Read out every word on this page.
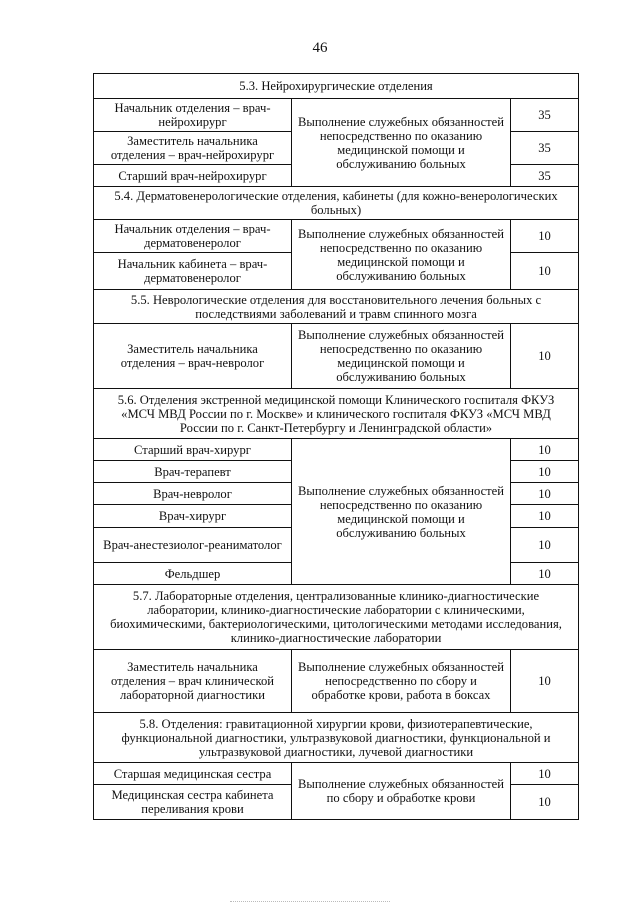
46
5.3. Нейрохирургические отделения		
Начальник отделения – врач-нейрохирург	Выполнение служебных обязанностей непосредственно по оказанию медицинской помощи и обслуживанию больных	35
Заместитель начальника отделения – врач-нейрохирург		35
Старший врач-нейрохирург		35
5.4. Дерматовенерологические отделения, кабинеты (для кожно-венерологических больных)		
Начальник отделения – врач-дерматовенеролог	Выполнение служебных обязанностей непосредственно по оказанию медицинской помощи и обслуживанию больных	10
Начальник кабинета – врач-дерматовенеролог		10
5.5. Неврологические отделения для восстановительного лечения больных с последствиями заболеваний и травм спинного мозга		
Заместитель начальника отделения – врач-невролог	Выполнение служебных обязанностей непосредственно по оказанию медицинской помощи и обслуживанию больных	10
5.6. Отделения экстренной медицинской помощи Клинического госпиталя ФКУЗ «МСЧ МВД России по г. Москве» и клинического госпиталя ФКУЗ «МСЧ МВД России по г. Санкт-Петербургу и Ленинградской области»		
Старший врач-хирург	Выполнение служебных обязанностей непосредственно по оказанию медицинской помощи и обслуживанию больных	10
Врач-терапевт		10
Врач-невролог		10
Врач-хирург		10
Врач-анестезиолог-реаниматолог		10
Фельдшер		10
5.7. Лабораторные отделения, централизованные клинико-диагностические лаборатории, клинико-диагностические лаборатории с клиническими, биохимическими, бактериологическими, цитологическими методами исследования, клинико-диагностические лаборатории		
Заместитель начальника отделения – врач клинической лабораторной диагностики	Выполнение служебных обязанностей непосредственно по сбору и обработке крови, работа в боксах	10
5.8. Отделения: гравитационной хирургии крови, физиотерапевтические, функциональной диагностики, ультразвуковой диагностики, функциональной и ультразвуковой диагностики, лучевой диагностики		
Старшая медицинская сестра	Выполнение служебных обязанностей по сбору и обработке крови	10
Медицинская сестра кабинета переливания крови		10
